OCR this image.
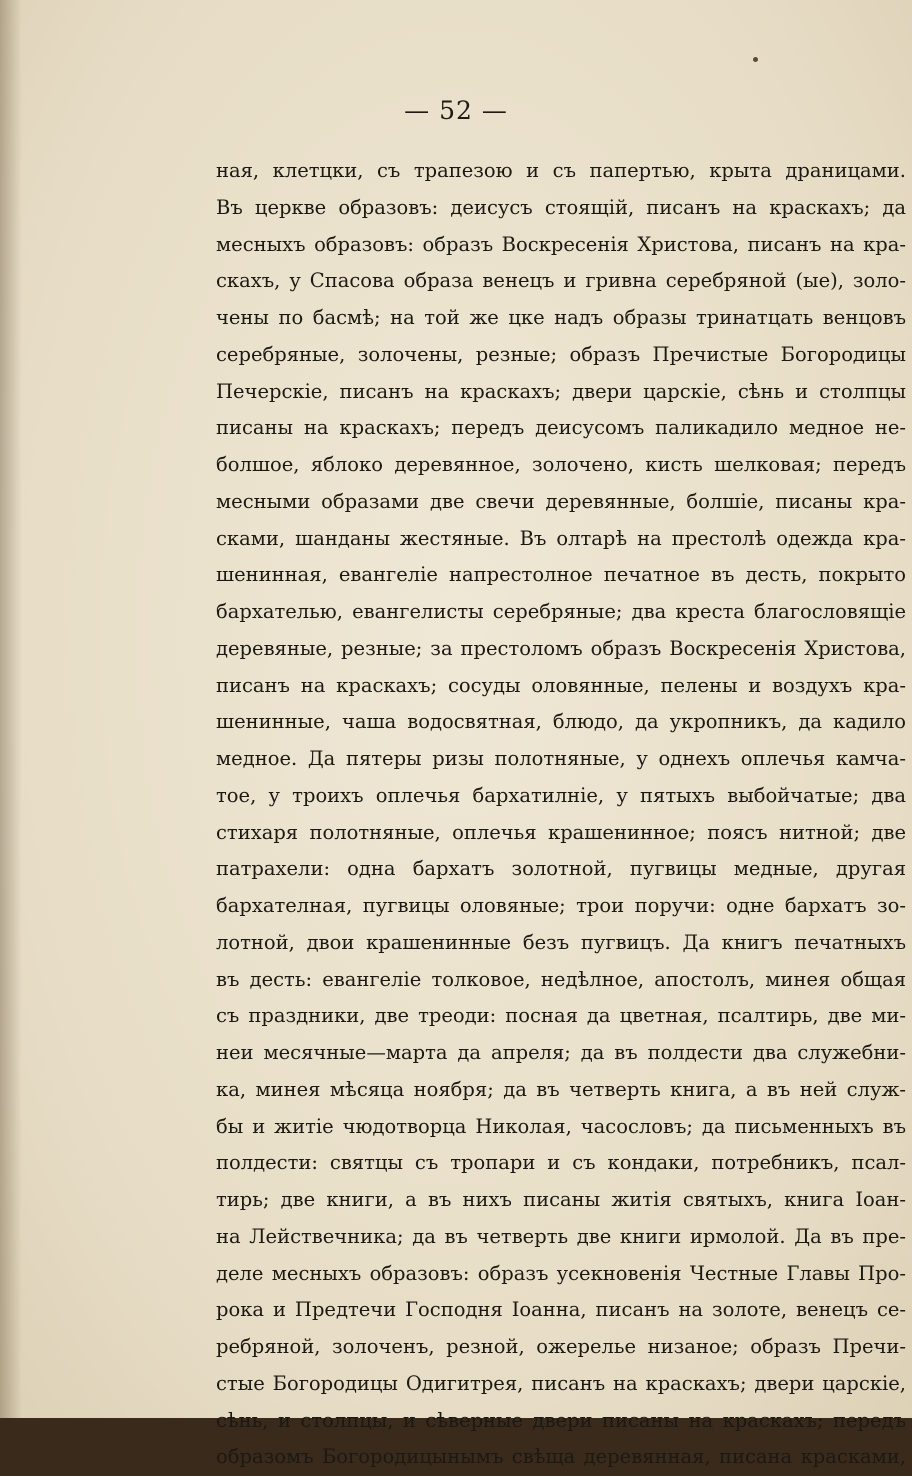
— 52 —
ная, клетцки, съ трапезою и съ папертью, крыта драницами.
Въ церкве образовъ: деисусъ стоящій, писанъ на краскахъ; да
месныхъ образовъ: образъ Воскресенія Христова, писанъ на кра-
скахъ, у Спасова образа венецъ и гривна серебряной (ые), золо-
чены по басмѣ; на той же цке надъ образы тринатцать венцовъ
серебряные, золочены, резные; образъ Пречистые Богородицы
Печерскіе, писанъ на краскахъ; двери царскіе, сѣнь и столпцы
писаны на краскахъ; передъ деисусомъ паликадило медное не-
болшое, яблоко деревянное, золочено, кисть шелковая; передъ
месными образами две свечи деревянные, болшіе, писаны кра-
сками, шанданы жестяные. Въ олтарѣ на престолѣ одежда кра-
шенинная, евангеліе напрестолное печатное въ десть, покрыто
бархателью, евангелисты серебряные; два креста благословящіе
деревяные, резные; за престоломъ образъ Воскресенія Христова,
писанъ на краскахъ; сосуды оловянные, пелены и воздухъ кра-
шенинные, чаша водосвятная, блюдо, да укропникъ, да кадило
медное. Да пятеры ризы полотняные, у однехъ оплечья камча-
тое, у троихъ оплечья бархатилніе, у пятыхъ выбойчатые; два
стихаря полотняные, оплечья крашенинное; поясъ нитной; две
патрахели: одна бархатъ золотной, пугвицы медные, другая
бархателная, пугвицы оловяные; трои поручи: одне бархатъ зо-
лотной, двои крашенинные безъ пугвицъ. Да книгъ печатныхъ
въ десть: евангеліе толковое, недѣлное, апостолъ, минея общая
съ праздники, две треоди: посная да цветная, псалтирь, две ми-
неи месячные—марта да апреля; да въ полдести два служебни-
ка, минея мѣсяца ноября; да въ четверть книга, а въ ней служ-
бы и житіе чюдотворца Николая, часословъ; да письменныхъ въ
полдести: святцы съ тропари и съ кондаки, потребникъ, псал-
тирь; две книги, а въ нихъ писаны житія святыхъ, книга Іоан-
на Лействечника; да въ четверть две книги ирмолой. Да въ пре-
деле месныхъ образовъ: образъ усекновенія Честные Главы Про-
рока и Предтечи Господня Іоанна, писанъ на золоте, венецъ се-
ребряной, золоченъ, резной, ожерелье низаное; образъ Пречи-
стые Богородицы Одигитрея, писанъ на краскахъ; двери царскіе,
сѣнь, и столпцы, и сѣверные двери писаны на краскахъ; передъ
образомъ Богородицынымъ свѣща деревянная, писана красками,
